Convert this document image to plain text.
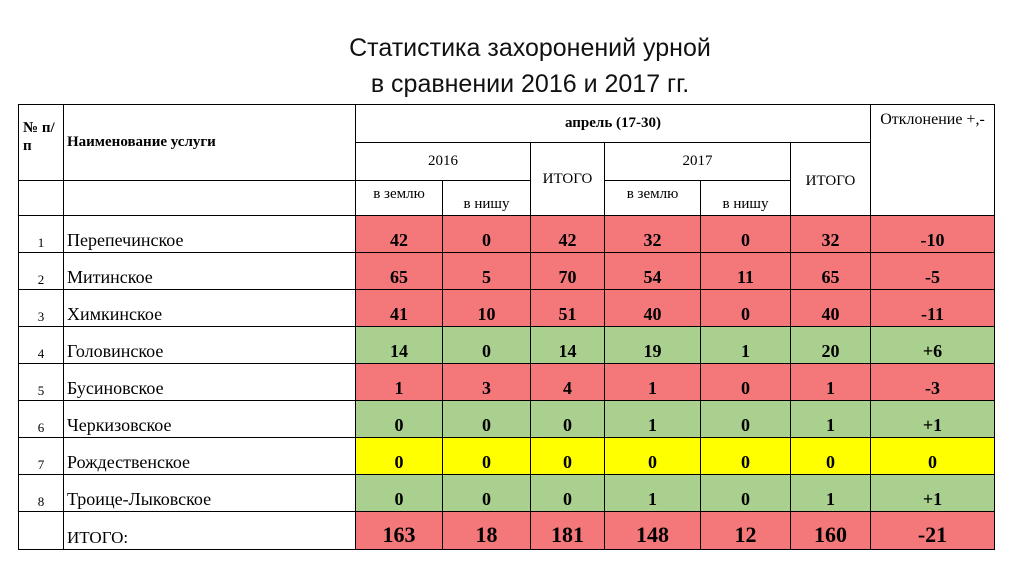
Статистика захоронений урной
в сравнении 2016 и 2017 гг.
№ п/п	Наименование услуги	апрель (17-30)						Отклонение +,-
		2016		ИТОГО	2017		ИТОГО	
		в землю	в нишу		в землю	в нишу		
1	Перепечинское	42	0	42	32	0	32	-10
2	Митинское	65	5	70	54	11	65	-5
3	Химкинское	41	10	51	40	0	40	-11
4	Головинское	14	0	14	19	1	20	+6
5	Бусиновское	1	3	4	1	0	1	-3
6	Черкизовское	0	0	0	1	0	1	+1
7	Рождественское	0	0	0	0	0	0	0
8	Троице-Лыковское	0	0	0	1	0	1	+1
	ИТОГО:	163	18	181	148	12	160	-21
